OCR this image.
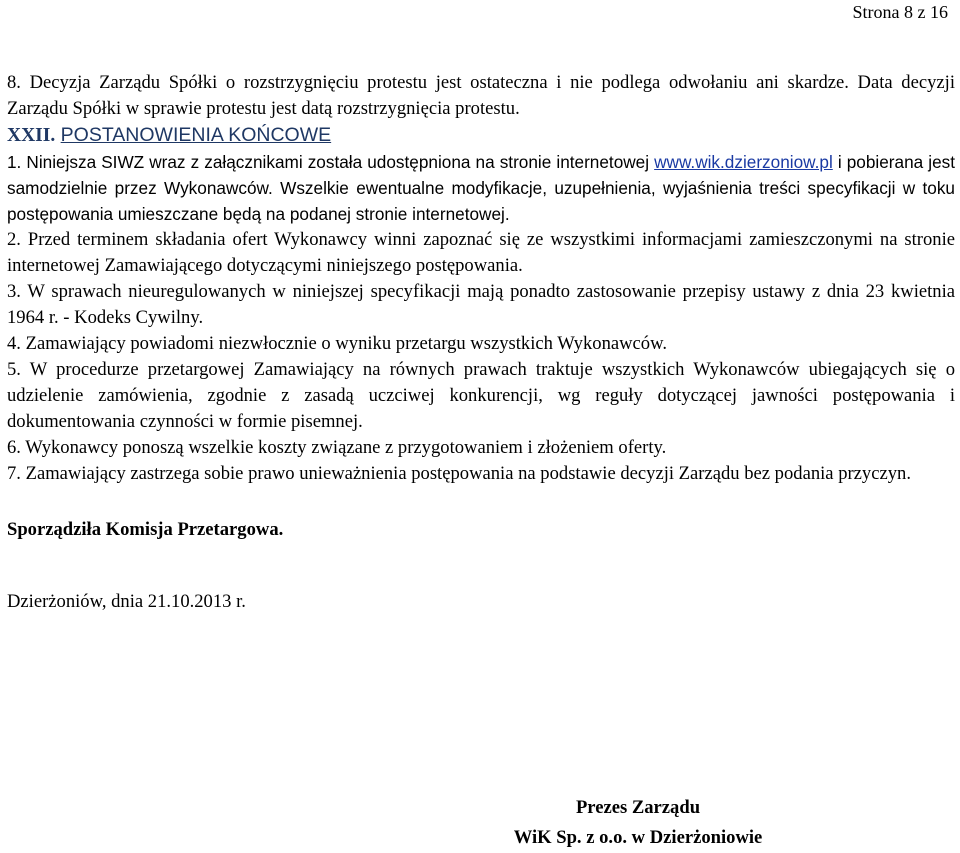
Strona 8 z 16

8. Decyzja Zarządu Spółki o rozstrzygnięciu protestu jest ostateczna i nie podlega odwołaniu ani skardze. Data decyzji Zarządu Spółki w sprawie protestu jest datą rozstrzygnięcia protestu.

XXII. POSTANOWIENIA KOŃCOWE

1. Niniejsza SIWZ wraz z załącznikami została udostępniona na stronie internetowej www.wik.dzierzoniow.pl i pobierana jest samodzielnie przez Wykonawców. Wszelkie ewentualne modyfikacje, uzupełnienia, wyjaśnienia treści specyfikacji w toku postępowania umieszczane będą na podanej stronie internetowej.

2. Przed terminem składania ofert Wykonawcy winni zapoznać się ze wszystkimi informacjami zamieszczonymi na stronie internetowej Zamawiającego dotyczącymi niniejszego postępowania.

3. W sprawach nieuregulowanych w niniejszej specyfikacji mają ponadto zastosowanie przepisy ustawy z dnia 23 kwietnia 1964 r. - Kodeks Cywilny.

4. Zamawiający powiadomi niezwłocznie o wyniku przetargu wszystkich Wykonawców.

5. W procedurze przetargowej Zamawiający na równych prawach traktuje wszystkich Wykonawców ubiegających się o udzielenie zamówienia, zgodnie z zasadą uczciwej konkurencji, wg reguły dotyczącej jawności postępowania i dokumentowania czynności w formie pisemnej.

6. Wykonawcy ponoszą wszelkie koszty związane z przygotowaniem i złożeniem oferty.

7. Zamawiający zastrzega sobie prawo unieważnienia postępowania na podstawie decyzji Zarządu bez podania przyczyn.

Sporządziła Komisja Przetargowa.

Dzierżoniów, dnia 21.10.2013 r.

Prezes Zarządu
WiK Sp. z o.o. w Dzierżoniowie
